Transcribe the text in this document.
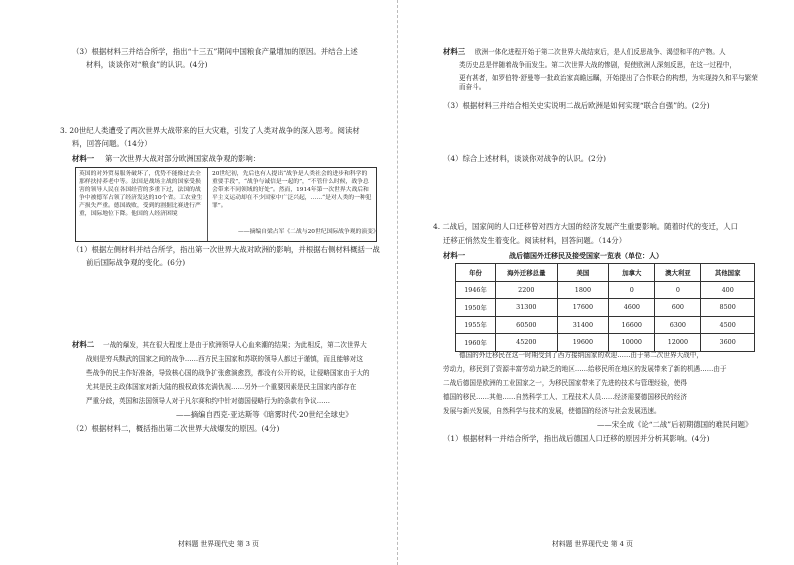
（3）根据材料三并结合所学，指出“十三五”期间中国粮食产量增加的原因。并结合上述
材料，谈谈你对“粮食”的认识。(4分)
3. 20世纪人类遭受了两次世界大战带来的巨大灾难，引发了人类对战争的深入思考。阅读材
料，回答问题。（14分）
材料一 第一次世界大战对部分欧洲国家战争观的影响：
英国的对外贸易服务破坏了，优势不能像过去全那样扶持养老中等。法国是战场主战的国家受损害的领导人民在各国经营的多重下过，法国的战争中被德军占领了经济发达的10个省。工农业生产损失严重。德国战败，受到的割据比赛进行严重，国际地位下降。他国的人经济困境
20世纪初，先后也有人提出“战争是人类社会的进步和科学的重要手段”，“战争与诚信是一起的”，“不管什么时候，战争总会带来不同领域的好处”。然而，1914年第一次世界大战后和平主义运动却在不少国家中广泛兴起，……“是对人类的一种犯罪”。
——摘编自梁占军《二战与20世纪国际战争观的演变》
（1）根据左侧材料并结合所学，指出第一次世界大战对欧洲的影响，并根据右侧材料概括一战
前后国际战争观的变化。(6分)
材料二 一战的爆发，其在很大程度上是由于欧洲领导人心血来潮的结果；为此相反，第二次世界大
战则是穷兵黩武的国家之间的战争……西方民主国家和苏联的领导人都过于谨慎，而且能够对这
些战争的民主作好准备，导致核心国的战争扩张愈演愈烈，都没有公开的说，让侵略国家由于大的
尤其是民主政体国家对新大陆的极权政体充满仇视……另外一个重要因素是民主国家内部存在
严重分歧，英国和法国领导人对于凡尔赛和约中针对德国侵略行为的条款有争议……
——摘编自西克·亚达斯等《暗雾时代·20世纪全球史》
（2）根据材料二，概括指出第二次世界大战爆发的原因。(4分)
材料题 世界现代史 第 3 页
材料三 欧洲一体化进程开始于第二次世界大战结束后，是人们反思战争、渴望和平的产物。人
类历史总是伴随着战争而发生。第二次世界大战的惨剧，促使欧洲人深刻反思，在这一过程中，
更有甚者，如罗伯特·舒曼等一批政治家高瞻远瞩，开始提出了合作联合的构想，为实现持久和平与繁荣而奋斗。
（3）根据材料三并结合相关史实说明二战后欧洲是如何实现“联合自强”的。(2分)
（4）综合上述材料，谈谈你对战争的认识。(2分)
4. 二战后，国家间的人口迁移曾对西方大国的经济发展产生重要影响。随着时代的变迁，人口
迁移正悄然发生着变化。阅读材料，回答问题。（14分）
材料一	战后德国外迁移民及接受国家一览表（单位：人）
年份	海外迁移总量	美国	加拿大	澳大利亚	其他国家
1946年	2200	1800	0	0	400
1950年	31300	17600	4600	600	8500
1955年	60500	31400	16600	6300	4500
1960年	45200	19600	10000	12000	3600
德国的外迁移民在这一时期受到了西方接纳国家的欢迎……由于第二次世界大战中，
劳动力，移民到了资源丰富劳动力缺乏的地区……给移民所在地区的发展带来了新的机遇……由于
二战后德国是欧洲的工业国家之一，为移民国家带来了先进的技术与管理经验，使得
德国的移民……其他……自然科学工人、工程技术人员……经济需要德国移民的经济
发展与新兴发展，自然科学与技术的发展，使德国的经济与社会发展迅速。
——宋全成《论“二战”后初期德国的难民问题》
（1）根据材料一并结合所学，指出战后德国人口迁移的原因并分析其影响。(4分)
材料题 世界现代史 第 4 页
